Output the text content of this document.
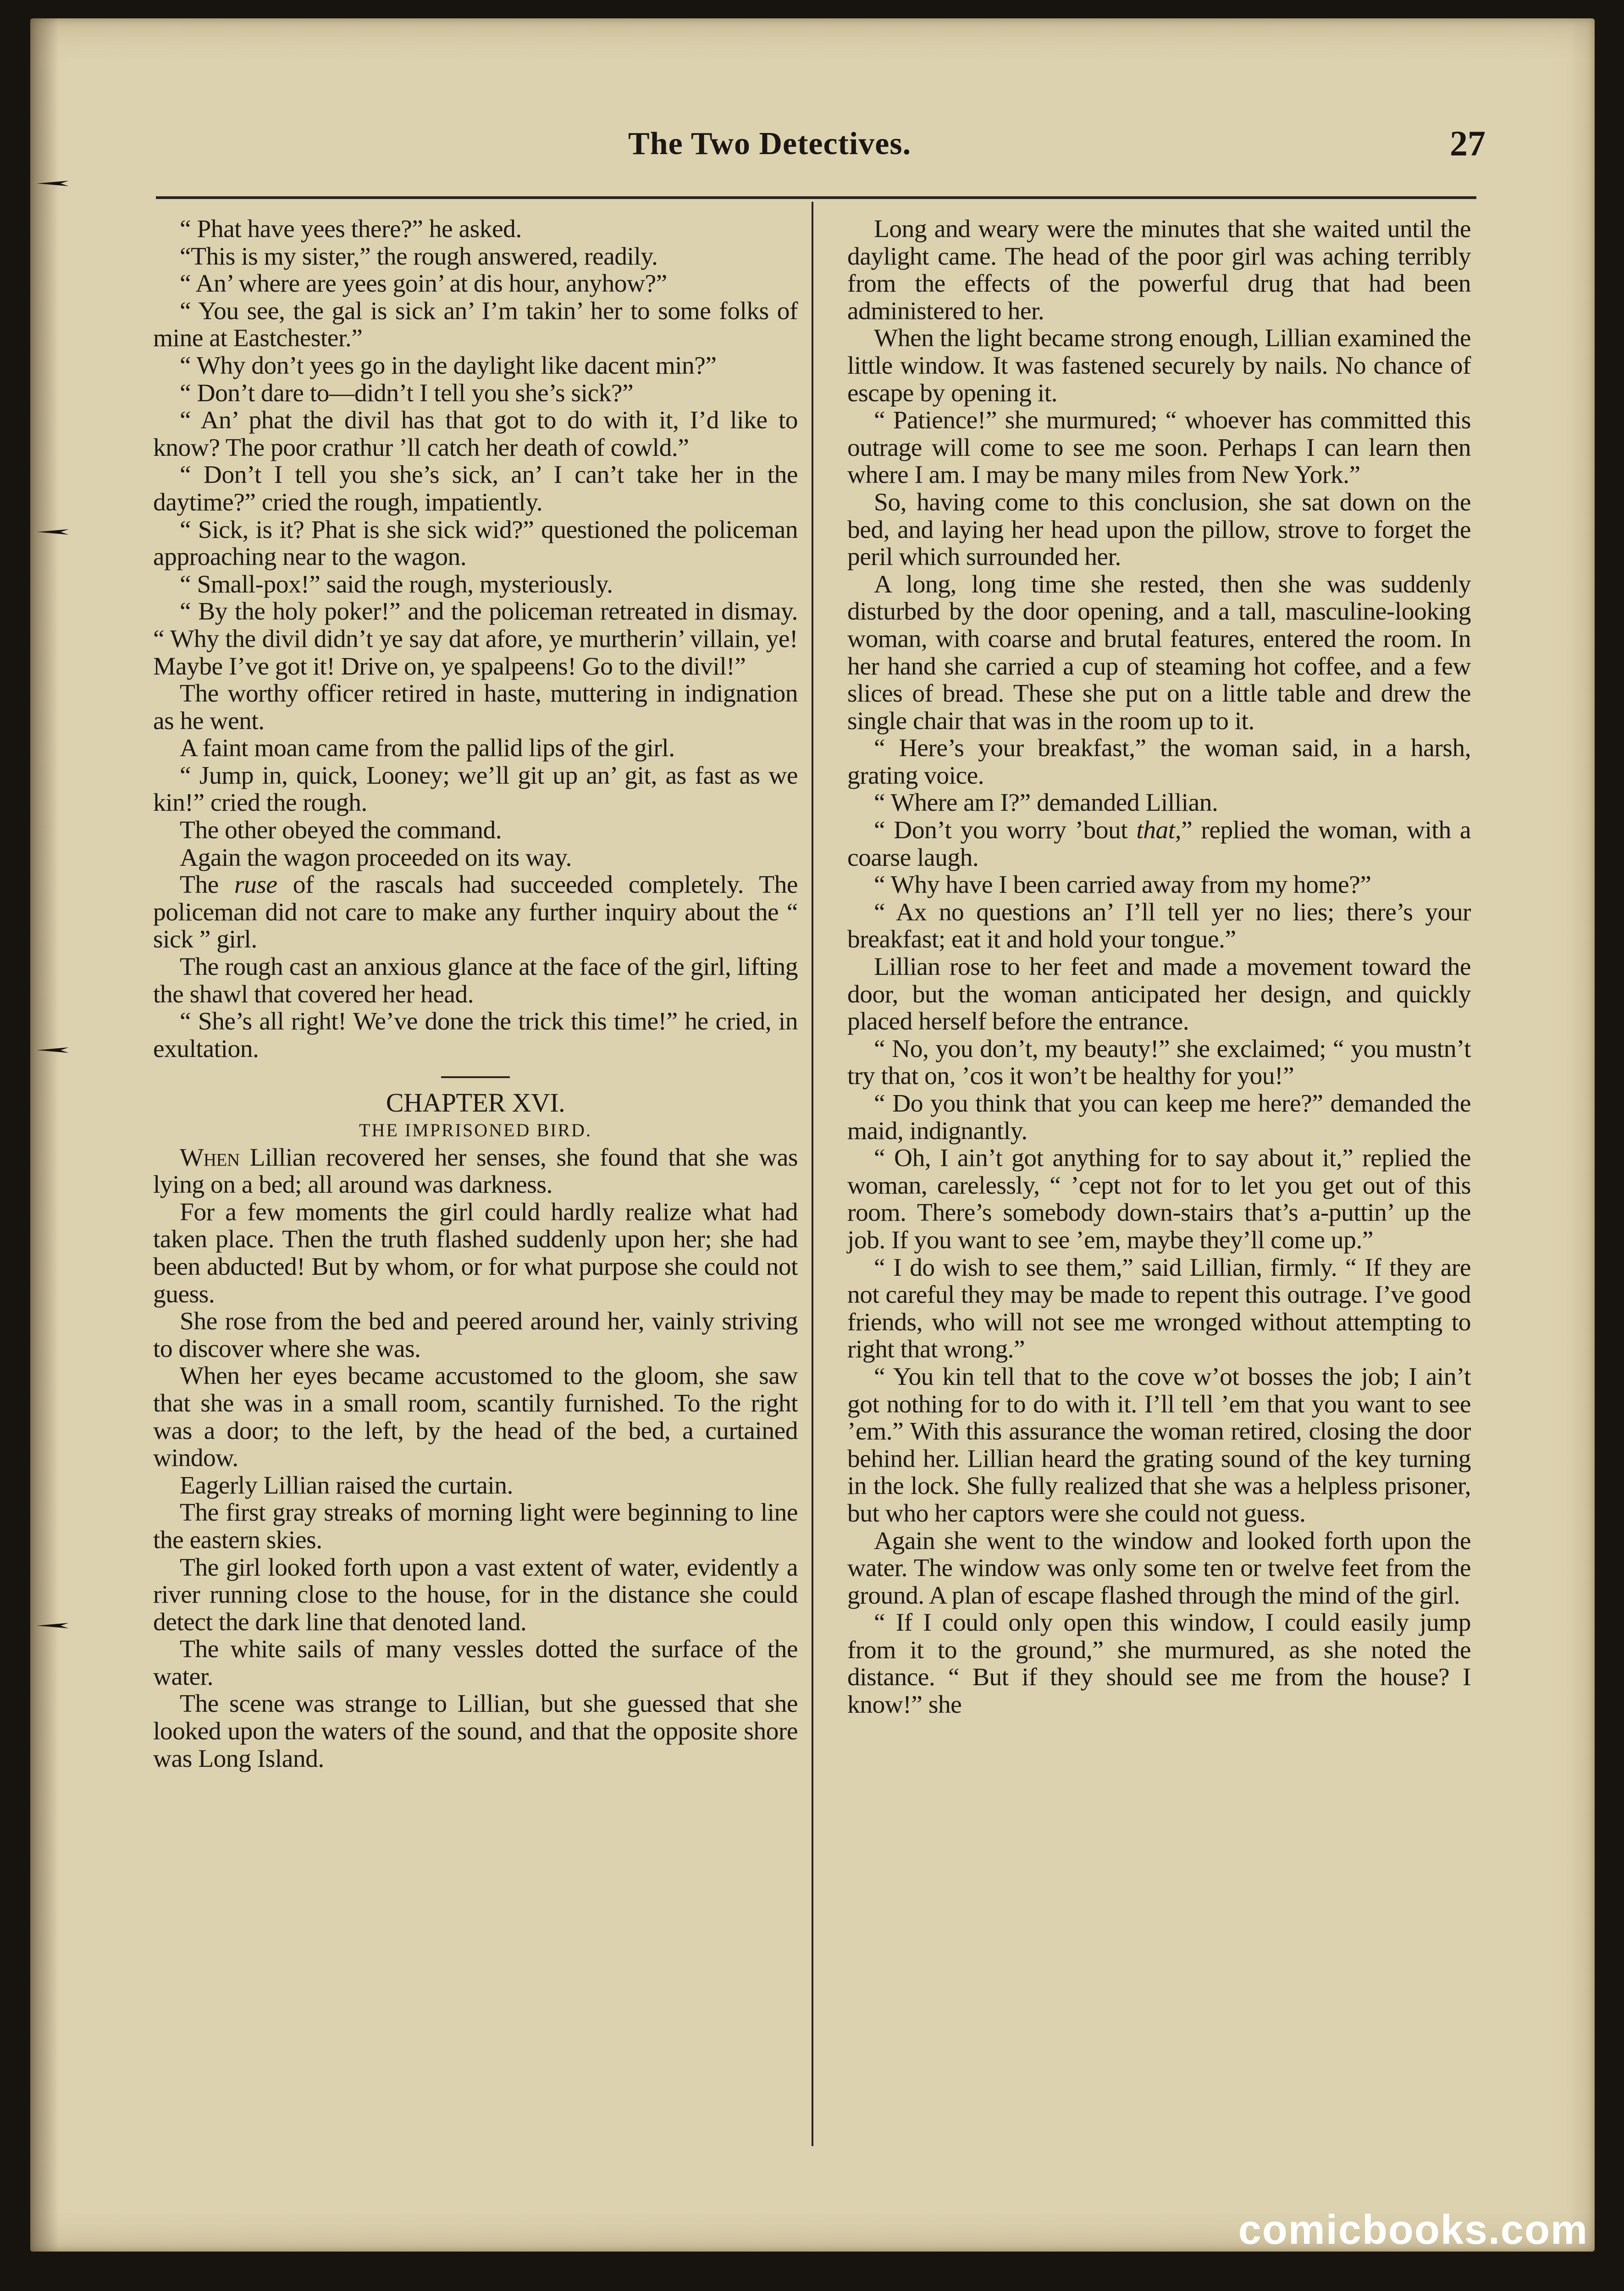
The Two Detectives.	27

“ Phat have yees there?” he asked.

“This is my sister,” the rough answered, readily.

“ An’ where are yees goin’ at dis hour, anyhow?”

“ You see, the gal is sick an’ I’m takin’ her to some folks of mine at Eastchester.”

“ Why don’t yees go in the daylight like dacent min?”

“ Don’t dare to—didn’t I tell you she’s sick?”

“ An’ phat the divil has that got to do with it, I’d like to know? The poor crathur ’ll catch her death of cowld.”

“ Don’t I tell you she’s sick, an’ I can’t take her in the daytime?” cried the rough, impatiently.

“ Sick, is it? Phat is she sick wid?” questioned the policeman approaching near to the wagon.

“ Small-pox!” said the rough, mysteriously.

“ By the holy poker!” and the policeman retreated in dismay. “ Why the divil didn’t ye say dat afore, ye murtherin’ villain, ye! Maybe I’ve got it! Drive on, ye spalpeens! Go to the divil!”

The worthy officer retired in haste, muttering in indignation as he went.

A faint moan came from the pallid lips of the girl.

“ Jump in, quick, Looney; we’ll git up an’ git, as fast as we kin!” cried the rough.

The other obeyed the command.

Again the wagon proceeded on its way.

The ruse of the rascals had succeeded completely. The policeman did not care to make any further inquiry about the “ sick ” girl.

The rough cast an anxious glance at the face of the girl, lifting the shawl that covered her head.

“ She’s all right! We’ve done the trick this time!” he cried, in exultation.

CHAPTER XVI.

THE IMPRISONED BIRD.

When Lillian recovered her senses, she found that she was lying on a bed; all around was darkness.

For a few moments the girl could hardly realize what had taken place. Then the truth flashed suddenly upon her; she had been abducted! But by whom, or for what purpose she could not guess.

She rose from the bed and peered around her, vainly striving to discover where she was.

When her eyes became accustomed to the gloom, she saw that she was in a small room, scantily furnished. To the right was a door; to the left, by the head of the bed, a curtained window.

Eagerly Lillian raised the curtain.

The first gray streaks of morning light were beginning to line the eastern skies.

The girl looked forth upon a vast extent of water, evidently a river running close to the house, for in the distance she could detect the dark line that denoted land.

The white sails of many vessles dotted the surface of the water.

The scene was strange to Lillian, but she guessed that she looked upon the waters of the sound, and that the opposite shore was Long Island.

Long and weary were the minutes that she waited until the daylight came. The head of the poor girl was aching terribly from the effects of the powerful drug that had been administered to her.

When the light became strong enough, Lillian examined the little window. It was fastened securely by nails. No chance of escape by opening it.

“ Patience!” she murmured; “ whoever has committed this outrage will come to see me soon. Perhaps I can learn then where I am. I may be many miles from New York.”

So, having come to this conclusion, she sat down on the bed, and laying her head upon the pillow, strove to forget the peril which surrounded her.

A long, long time she rested, then she was suddenly disturbed by the door opening, and a tall, masculine-looking woman, with coarse and brutal features, entered the room. In her hand she carried a cup of steaming hot coffee, and a few slices of bread. These she put on a little table and drew the single chair that was in the room up to it.

“ Here’s your breakfast,” the woman said, in a harsh, grating voice.

“ Where am I?” demanded Lillian.

“ Don’t you worry ’bout that,” replied the woman, with a coarse laugh.

“ Why have I been carried away from my home?”

“ Ax no questions an’ I’ll tell yer no lies; there’s your breakfast; eat it and hold your tongue.”

Lillian rose to her feet and made a movement toward the door, but the woman anticipated her design, and quickly placed herself before the entrance.

“ No, you don’t, my beauty!” she exclaimed; “ you mustn’t try that on, ’cos it won’t be healthy for you!”

“ Do you think that you can keep me here?” demanded the maid, indignantly.

“ Oh, I ain’t got anything for to say about it,” replied the woman, carelessly, “ ’cept not for to let you get out of this room. There’s somebody down-stairs that’s a-puttin’ up the job. If you want to see ’em, maybe they’ll come up.”

“ I do wish to see them,” said Lillian, firmly. “ If they are not careful they may be made to repent this outrage. I’ve good friends, who will not see me wronged without attempting to right that wrong.”

“ You kin tell that to the cove w’ot bosses the job; I ain’t got nothing for to do with it. I’ll tell ’em that you want to see ’em.” With this assurance the woman retired, closing the door behind her. Lillian heard the grating sound of the key turning in the lock. She fully realized that she was a helpless prisoner, but who her captors were she could not guess.

Again she went to the window and looked forth upon the water. The window was only some ten or twelve feet from the ground. A plan of escape flashed through the mind of the girl.

“ If I could only open this window, I could easily jump from it to the ground,” she murmured, as she noted the distance. “ But if they should see me from the house? I know!” she

comicbooks.com
